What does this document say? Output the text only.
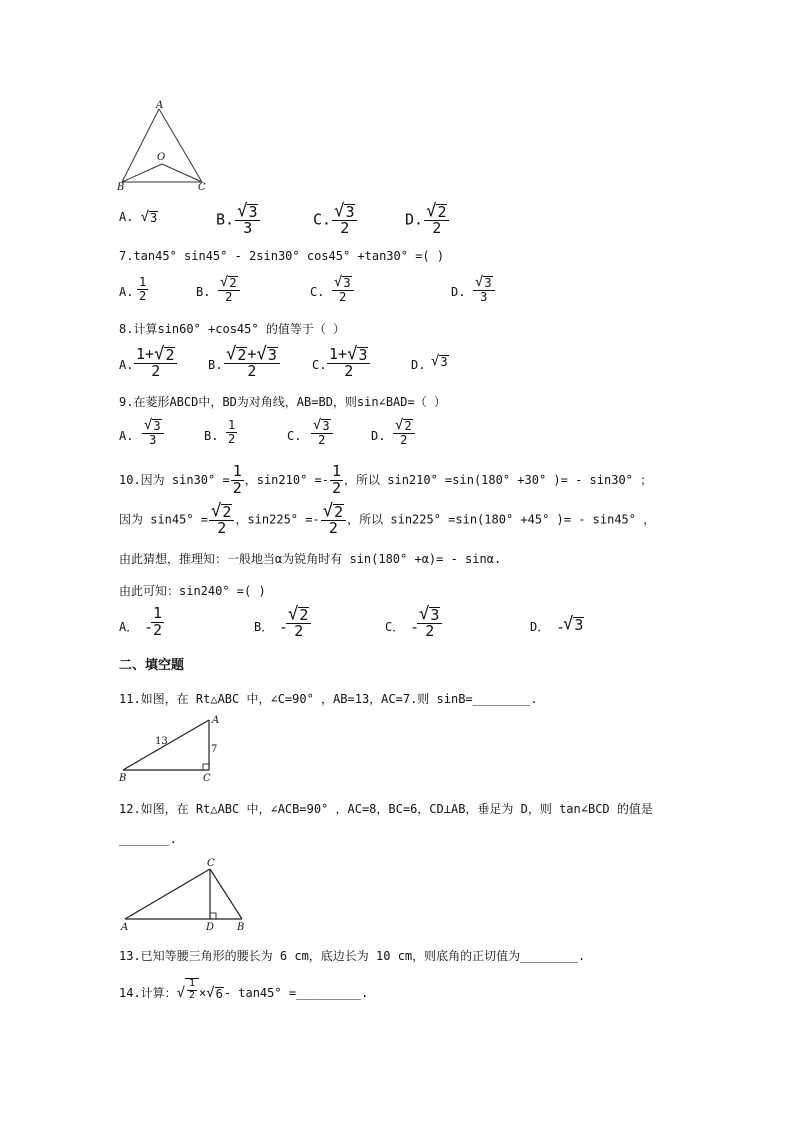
A
O
B	C
A. √ 3	B. $\frac{√ 3}{3}$	C. $\frac{√ 3}{2}$	D. $\frac{√ 2}{2}$
7.tan45° sin45° - 2sin30° cos45° +tan30° =( )
A. $\frac{1}{2}$	B. $\frac{√ 2}{2}$	C. $\frac{√ 3}{2}$	D. $\frac{√ 3}{3}$
8.计算sin60° +cos45° 的值等于（ ）
A. $\frac{1+ √ 2}{2}$	B. $\frac{√ 2 + √ 3}{2}$	C. $\frac{1+ √ 3}{2}$	D. √ 3
9.在菱形ABCD中，BD为对角线，AB=BD，则sin∠BAD=（ ）
A. $\frac{√ 3}{3}$	B. $\frac{1}{2}$	C. $\frac{√ 3}{2}$	D. $\frac{√ 2}{2}$
10.因为 $\sin 30^\circ = \frac{1}{2}$ ，$\sin 210^\circ =- \frac{1}{2}$ ，所以 sin210° =sin(180° +30° )= - sin30° ；
因为 $\sin 45^\circ = \frac{√ 2}{2}$ ，$\sin 225^\circ =- \frac{√ 2}{2}$ ，所以 sin225° =sin(180° +45° )= - sin45° ，
由此猜想，推理知：一般地当α为锐角时有 sin(180° +α)= - sinα.
由此可知：sin240° =( )
A． -
$\frac{1}{2}$	B． -
$\frac{√ 2}{2}$	C． -
$\frac{√ 3}{2}$	D． -
√ 3
二、填空题
11.如图，在 Rt△ABC 中，∠C=90° ，AB=13，AC=7.则 sinB=________.
A
B	C
13
7
12.如图，在 Rt△ABC 中，∠ACB=90° ，AC=8，BC=6，CD⊥AB，垂足为 D，则 tan∠BCD 的值是
_______.
C
A	D B
13.已知等腰三角形的腰长为 6 cm，底边长为 10 cm，则底角的正切值为________.
14.计算： √ $\frac{1}{2}$ × √ 6 - tan45° =_________.
